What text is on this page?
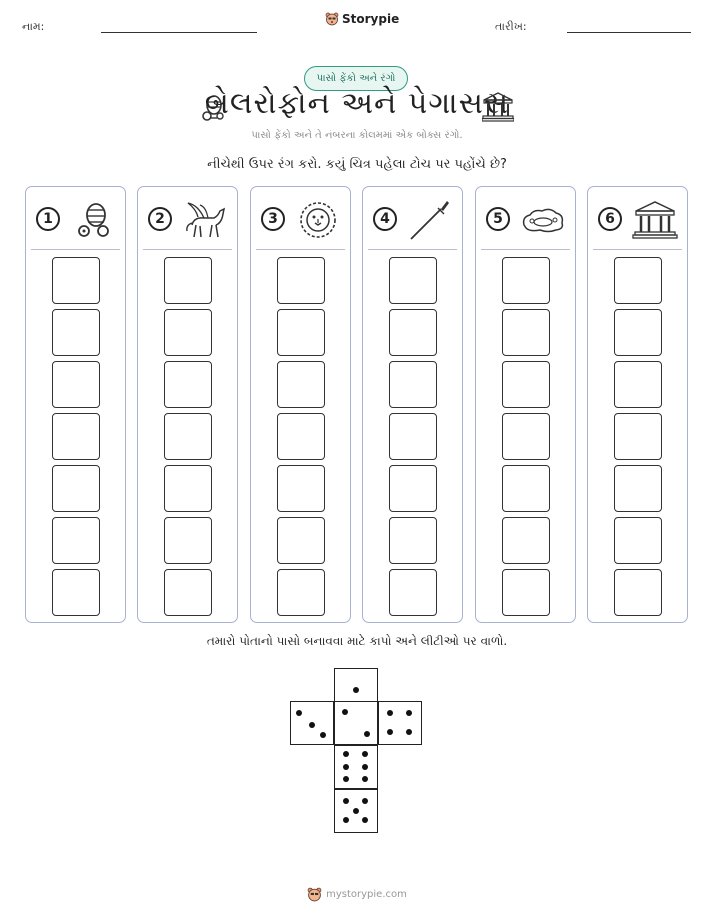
નામ:	તારીખ:
Storypie
પાસો ફેંકો અને રંગો
બેલરોફોન અને પેગાસસ
પાસો ફેંકો અને તે નંબરના કોલમમાં એક બોક્સ રંગો.
નીચેથી ઉપર રંગ કરો. કયું ચિત્ર પહેલા ટોચ પર પહોંચે છે?
1	2	3	4	5	6
તમારો પોતાનો પાસો બનાવવા માટે કાપો અને લીટીઓ પર વાળો.
mystorypie.com
